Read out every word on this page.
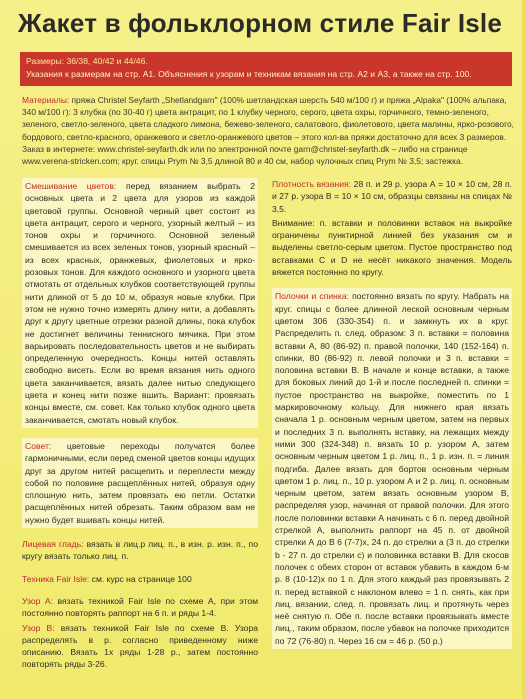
Жакет в фольклорном стиле Fair Isle
Размеры: 36/38, 40/42 и 44/46.
Указания к размерам на стр. А1. Объяснения к узорам и техникам вязания на стр. А2 и А3, а также на стр. 100.
Материалы: пряжа Christel Seyfarth „Shetlandgarn" (100% шетландская шерсть 540 м/100 г) и пряжа „Alpaka" (100% альпака, 340 м/100 г): 3 клубка (по 30-40 г) цвета антрацит, по 1 клубку черного, серого, цвета охры, горчичного, темно-зеленого, зеленого, светло-зеленого, цвета сладкого лимона, бежево-зеленого, салатового, фиолетового, цвета малины, ярко-розового, бордового, светло-красного, оранжевого и светло-оранжевого цветов – этого кол-ва пряжи достаточно для всех 3 размеров. Заказ в интернете: www.christel-seyfarth.dk или по электронной почте garn@christel-seyfarth.dk – либо на странице www.verena-stricken.com; круг. спицы Prym № 3,5 длиной 80 и 40 см, набор чулочных спиц Prym № 3,5; застежка.
Смешивание цветов: перед вязанием выбрать 2 основных цвета и 2 цвета для узоров из каждой цветовой группы. Основной черный цвет состоит из цвета антрацит, серого и черного, узорный желтый – из тонов охры и горчичного. Основной зеленый смешивается из всех зеленых тонов, узорный красный – из всех красных, оранжевых, фиолетовых и ярко-розовых тонов. Для каждого основного и узорного цвета отмотать от отдельных клубков соответствующей группы нити длиной от 5 до 10 м, образуя новые клубки. При этом не нужно точно измерять длину нити, а добавлять друг к другу цветные отрезки разной длины, пока клубок не достигнет величины теннисного мячика. При этом варьировать последовательность цветов и не выбирать определенную очередность. Концы нитей оставлять свободно висеть. Если во время вязания нить одного цвета заканчивается, вязать далее нитью следующего цвета и конец нити позже вшить. Вариант: провязать концы вместе, см. совет. Как только клубок одного цвета заканчивается, смотать новый клубок.
Совет: цветовые переходы получатся более гармоничными, если перед сменой цветов концы идущих друг за другом нитей расщепить и переплести между собой по половине расщеплённых нитей, образуя одну сплошную нить, затем провязать ею петли. Остатки расщеплённых нитей обрезать. Таким образом вам не нужно будет вшивать концы нитей.
Лицевая гладь: вязать в лиц.р лиц. п., в изн. р. изн. п., по кругу вязать только лиц. п.
Техника Fair Isle: см. курс на странице 100
Узор А: вязать техникой Fair Isle по схеме А, при этом постоянно повторять раппорт на 6 п. и ряды 1-4.
Узор В: вязать техникой Fair Isle по схеме В. Узора распределять в р. согласно приведенному ниже описанию. Вязать 1х ряды 1-28 р., затем постоянно повторять ряды 3-26.
Плотность вязания: 28 п. и 29 р. узора А = 10 × 10 см, 28 п. и 27 р. узора В = 10 × 10 см, образцы связаны на спицах № 3,5.
Внимание: п. вставки и половинки вставок на выкройке ограничены пунктирной линией без указания см и выделены светло-серым цветом. Пустое пространство под вставками С и D не несёт никакого значения. Модель вяжется постоянно по кругу.
Полочки и спинка: постоянно вязать по кругу. Набрать на круг. спицы с более длинной леской основным черным цветом 306 (330-354) п. и замкнуть их в круг. Распределить п. след. образом: 3 п. вставки = половина вставки А, 80 (86-92) п. правой полочки, 140 (152-164) п. спинки, 80 (86-92) п. левой полочки и 3 п. вставки = половина вставки В. В начале и конце вставки, а также для боковых линий до 1-й и после последней п. спинки = пустое пространство на выкройке, поместить по 1 маркировочному кольцу. Для нижнего края вязать сначала 1 р. основным черным цветом, затем на первых и последних 3 п. выполнять вставку, на лежащих между ними 300 (324-348) п. вязать 10 р. узором А, затем основным черным цветом 1 р. лиц. п., 1 р. изн. п. = линия подгиба. Далее вязать для бортов основным черным цветом 1 р. лиц. п., 10 р. узором А и 2 р. лиц. п. основным черным цветом, затем вязать основным узором В, распределяя узор, начиная от правой полочки. Для этого после половинки вставки А начинать с 6 п. перед двойной стрелкой А, выполнить раппорт на 45 п. от двойной стрелки А до В 6 (7-7)х, 24 п. до стрелки а (3 п. до стрелки b - 27 п. до стрелки с) и половинка вставки В. Для скосов полочек с обеих сторон от вставок убавить в каждом 6-м р. 8 (10-12)х по 1 п. Для этого каждый раз провязывать 2 п. перед вставкой с наклоном влево = 1 п. снять, как при лиц. вязании, след. п. провязать лиц. и протянуть через неё снятую п. Обе п. после вставки провязывать вместе лиц., таким образом, после убавок на полочке приходится по 72 (76-80) п. Через 16 см = 46 р. (50 р.)
